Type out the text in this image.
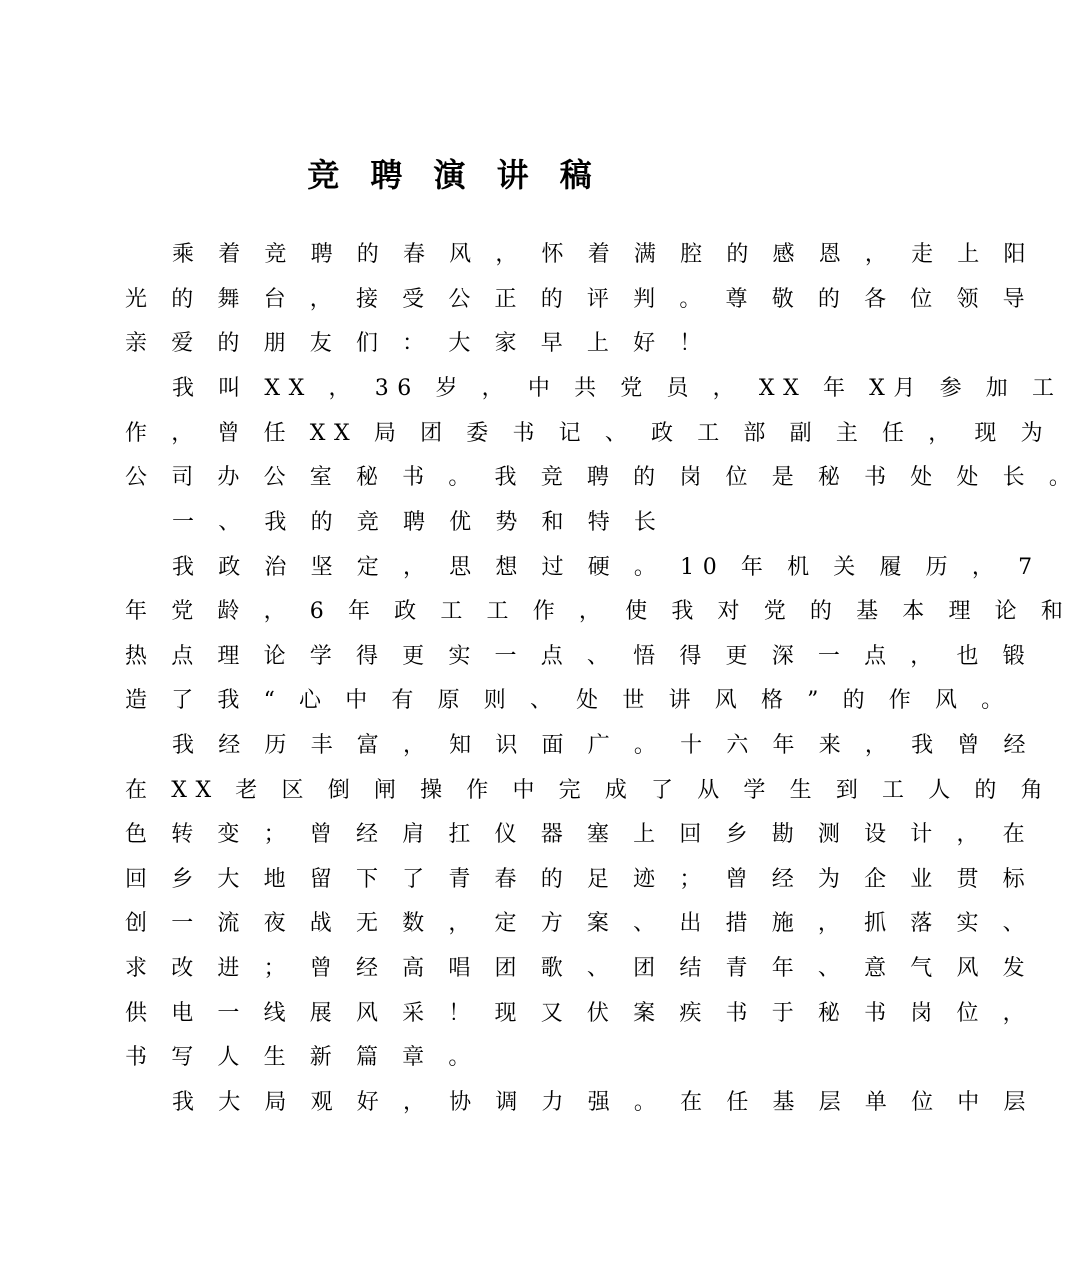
竞 聘 演 讲 稿
乘 着 竞 聘 的 春 风 ， 怀 着 满 腔 的 感 恩 ， 走 上 阳
光 的 舞 台 ， 接 受 公 正 的 评 判 。 尊 敬 的 各 位 领 导
亲 爱 的 朋 友 们 ： 大 家 早 上 好 ！
我 叫 XX ， 36 岁 ， 中 共 党 员 ， XX 年 X月 参 加 工
作 ， 曾 任 XX 局 团 委 书 记 、 政 工 部 副 主 任 ， 现 为
公 司 办 公 室 秘 书 。 我 竞 聘 的 岗 位 是 秘 书 处 处 长 。
一 、 我 的 竞 聘 优 势 和 特 长
我 政 治 坚 定 ， 思 想 过 硬 。 10 年 机 关 履 历 ， 7
年 党 龄 ， 6 年 政 工 工 作 ， 使 我 对 党 的 基 本 理 论 和
热 点 理 论 学 得 更 实 一 点 、 悟 得 更 深 一 点 ， 也 锻
造 了 我 “ 心 中 有 原 则 、 处 世 讲 风 格 ” 的 作 风 。
我 经 历 丰 富 ， 知 识 面 广 。 十 六 年 来 ， 我 曾 经
在 XX 老 区 倒 闸 操 作 中 完 成 了 从 学 生 到 工 人 的 角
色 转 变 ； 曾 经 肩 扛 仪 器 塞 上 回 乡 勘 测 设 计 ， 在
回 乡 大 地 留 下 了 青 春 的 足 迹 ； 曾 经 为 企 业 贯 标
创 一 流 夜 战 无 数 ， 定 方 案 、 出 措 施 ， 抓 落 实 、
求 改 进 ； 曾 经 高 唱 团 歌 、 团 结 青 年 、 意 气 风 发
供 电 一 线 展 风 采 ！ 现 又 伏 案 疾 书 于 秘 书 岗 位 ，
书 写 人 生 新 篇 章 。
我 大 局 观 好 ， 协 调 力 强 。 在 任 基 层 单 位 中 层
